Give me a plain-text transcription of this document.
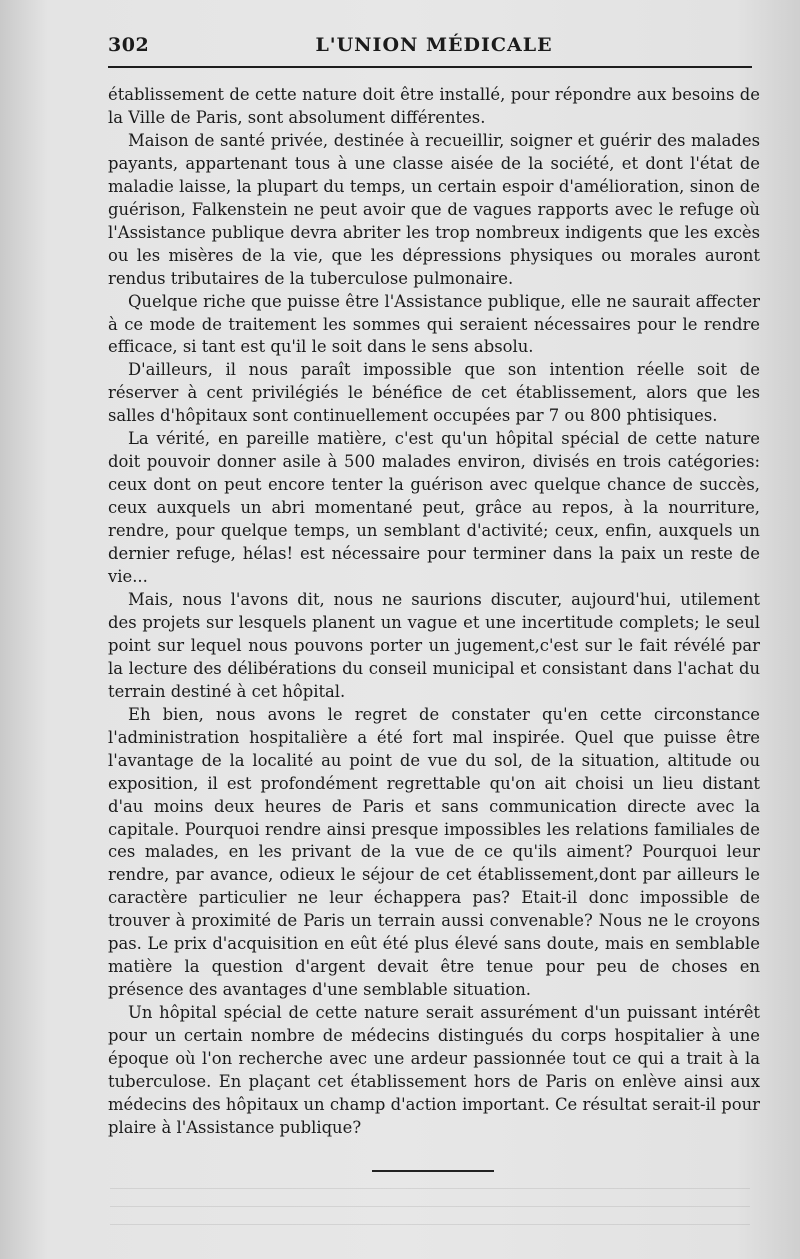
302	L'UNION MÉDICALE

établissement de cette nature doit être installé, pour répondre aux besoins de la Ville de Paris, sont absolument différentes.

Maison de santé privée, destinée à recueillir, soigner et guérir des malades payants, appartenant tous à une classe aisée de la société, et dont l'état de maladie laisse, la plupart du temps, un certain espoir d'amélioration, sinon de guérison, Falkenstein ne peut avoir que de vagues rapports avec le refuge où l'Assistance publique devra abriter les trop nombreux indigents que les excès ou les misères de la vie, que les dépressions physiques ou morales auront rendus tributaires de la tuberculose pulmonaire.

Quelque riche que puisse être l'Assistance publique, elle ne saurait affecter à ce mode de traitement les sommes qui seraient nécessaires pour le rendre efficace, si tant est qu'il le soit dans le sens absolu.

D'ailleurs, il nous paraît impossible que son intention réelle soit de réserver à cent privilégiés le bénéfice de cet établissement, alors que les salles d'hôpitaux sont continuellement occupées par 7 ou 800 phtisiques.

La vérité, en pareille matière, c'est qu'un hôpital spécial de cette nature doit pouvoir donner asile à 500 malades environ, divisés en trois catégories: ceux dont on peut encore tenter la guérison avec quelque chance de succès, ceux auxquels un abri momentané peut, grâce au repos, à la nourriture, rendre, pour quelque temps, un semblant d'activité; ceux, enfin, auxquels un dernier refuge, hélas! est nécessaire pour terminer dans la paix un reste de vie...

Mais, nous l'avons dit, nous ne saurions discuter, aujourd'hui, utilement des projets sur lesquels planent un vague et une incertitude complets; le seul point sur lequel nous pouvons porter un jugement,c'est sur le fait révélé par la lecture des délibérations du conseil municipal et consistant dans l'achat du terrain destiné à cet hôpital.

Eh bien, nous avons le regret de constater qu'en cette circonstance l'administration hospitalière a été fort mal inspirée. Quel que puisse être l'avantage de la localité au point de vue du sol, de la situation, altitude ou exposition, il est profondément regrettable qu'on ait choisi un lieu distant d'au moins deux heures de Paris et sans communication directe avec la capitale. Pourquoi rendre ainsi presque impossibles les relations familiales de ces malades, en les privant de la vue de ce qu'ils aiment? Pourquoi leur rendre, par avance, odieux le séjour de cet établissement,dont par ailleurs le caractère particulier ne leur échappera pas? Etait-il donc impossible de trouver à proximité de Paris un terrain aussi convenable? Nous ne le croyons pas. Le prix d'acquisition en eût été plus élevé sans doute, mais en semblable matière la question d'argent devait être tenue pour peu de choses en présence des avantages d'une semblable situation.

Un hôpital spécial de cette nature serait assurément d'un puissant intérêt pour un certain nombre de médecins distingués du corps hospitalier à une époque où l'on recherche avec une ardeur passionnée tout ce qui a trait à la tuberculose. En plaçant cet établissement hors de Paris on enlève ainsi aux médecins des hôpitaux un champ d'action important. Ce résultat serait-il pour plaire à l'Assistance publique?
